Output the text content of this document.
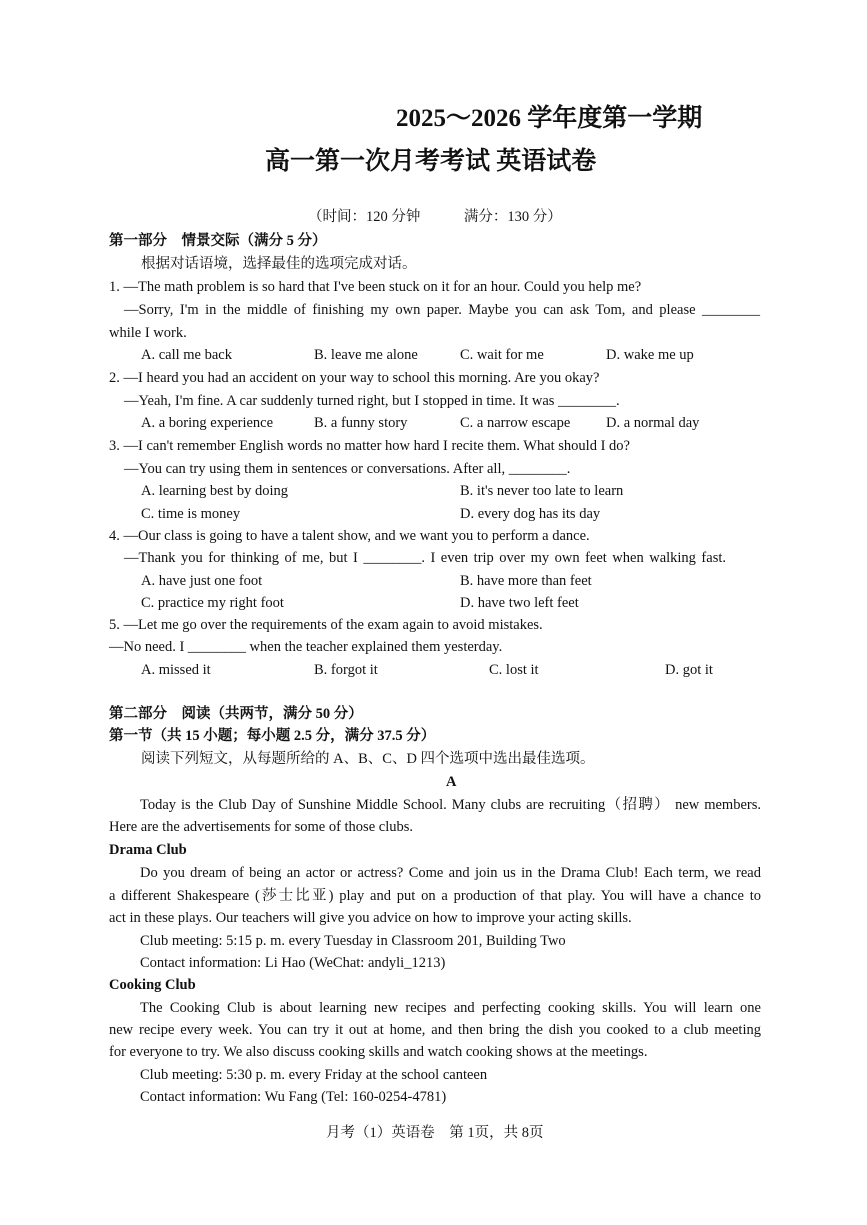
2025～2026 学年度第一学期
高一第一次月考考试 英语试卷
（时间：120 分钟　　　满分：130 分）
第一部分　情景交际（满分 5 分）
根据对话语境，选择最佳的选项完成对话。
1. —The math problem is so hard that I've been stuck on it for an hour. Could you help me?
—Sorry, I'm in the middle of finishing my own paper. Maybe you can ask Tom, and please ________
while I work.
A. call me back	B. leave me alone	C. wait for me	D. wake me up
2. —I heard you had an accident on your way to school this morning. Are you okay?
—Yeah, I'm fine. A car suddenly turned right, but I stopped in time. It was ________.
A. a boring experience	B. a funny story	C. a narrow escape D. a normal day
3. —I can't remember English words no matter how hard I recite them. What should I do?
—You can try using them in sentences or conversations. After all, ________.
A. learning best by doing	B. it's never too late to learn
C. time is money	D. every dog has its day
4. —Our class is going to have a talent show, and we want you to perform a dance.
—Thank you for thinking of me, but I ________. I even trip over my own feet when walking fast.
A. have just one foot	B. have more than feet
C. practice my right foot	D. have two left feet
5. —Let me go over the requirements of the exam again to avoid mistakes.
—No need. I ________ when the teacher explained them yesterday.
A. missed it	B. forgot it	C. lost it	D. got it
第二部分　阅读（共两节，满分 50 分）
第一节（共 15 小题；每小题 2.5 分，满分 37.5 分）
阅读下列短文，从每题所给的 A、B、C、D 四个选项中选出最佳选项。
A
Today is the Club Day of Sunshine Middle School. Many clubs are recruiting（招聘） new members.
Here are the advertisements for some of those clubs.
Drama Club
Do you dream of being an actor or actress? Come and join us in the Drama Club! Each term, we read
a different Shakespeare (莎士比亚) play and put on a production of that play. You will have a chance to
act in these plays. Our teachers will give you advice on how to improve your acting skills.
Club meeting: 5:15 p. m. every Tuesday in Classroom 201, Building Two
Contact information: Li Hao (WeChat: andyli_1213)
Cooking Club
The Cooking Club is about learning new recipes and perfecting cooking skills. You will learn one
new recipe every week. You can try it out at home, and then bring the dish you cooked to a club meeting
for everyone to try. We also discuss cooking skills and watch cooking shows at the meetings.
Club meeting: 5:30 p. m. every Friday at the school canteen
Contact information: Wu Fang (Tel: 160-0254-4781)
月考（1）英语卷　第 1页，共 8页
